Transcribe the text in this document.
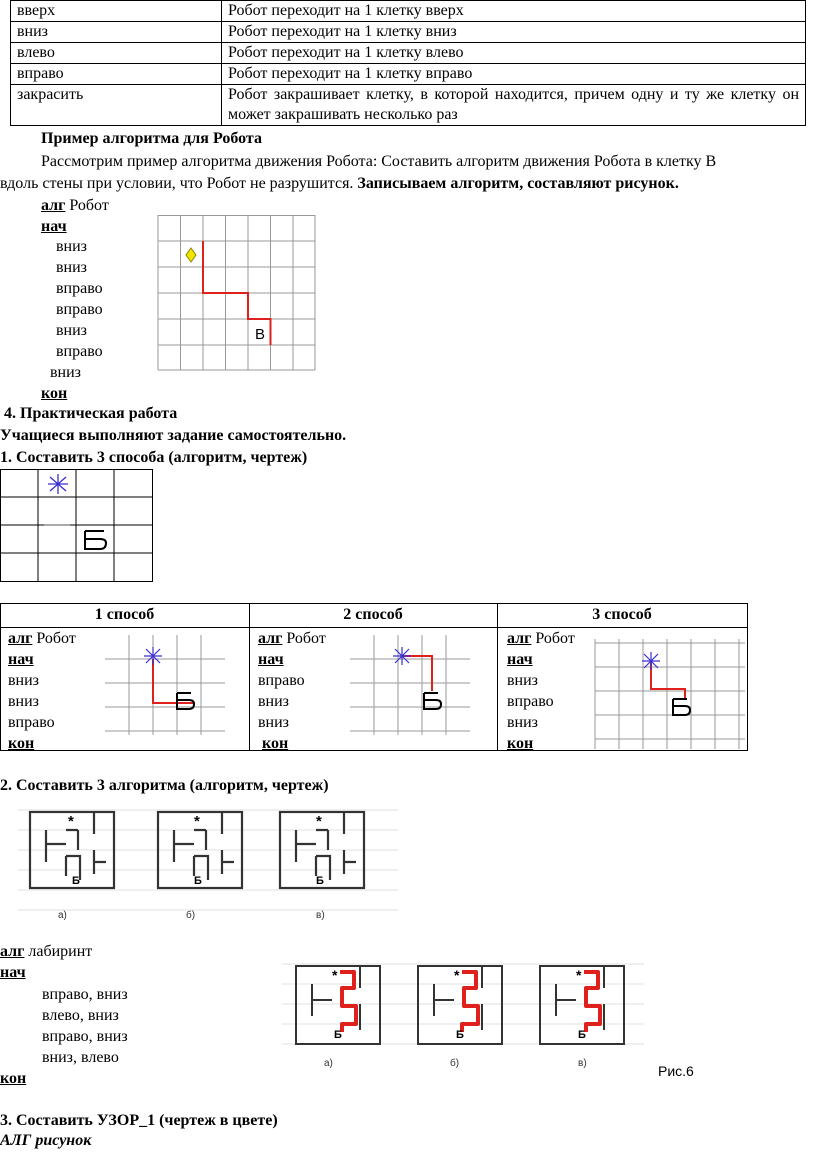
вверх	Робот переходит на 1 клетку вверх
вниз	Робот переходит на 1 клетку вниз
влево	Робот переходит на 1 клетку влево
вправо	Робот переходит на 1 клетку вправо
закрасить	Робот закрашивает клетку, в которой находится, причем одну и ту же клетку он может закрашивать несколько раз
Пример алгоритма для Робота
Рассмотрим пример алгоритма движения Робота: Составить алгоритм движения Робота в клетку В
вдоль стены при условии, что Робот не разрушится. Записываем алгоритм, составляют рисунок.
алг Робот
нач
вниз
вниз
вправо
вправо
вниз
вправо
вниз
кон
В
4. Практическая работа
Учащиеся выполняют задание самостоятельно.
1. Составить 3 способа (алгоритм, чертеж)
1 способ	2 способ	3 способ
алг Робот
нач
вниз
вниз
вправо
кон
алг Робот
нач
вправо
вниз
вниз
кон
алг Робот
нач
вниз
вправо
вниз
кон
2. Составить 3 алгоритма (алгоритм, чертеж)
*
Б
*
Б
*
Б
а)	б)	в)
алг лабиринт
нач
вправо, вниз
влево, вниз
вправо, вниз
вниз, влево
кон
*
Б
*
Б
*
Б
а)	б)	в)	Рис.6
3. Составить УЗОР_1 (чертеж в цвете)
АЛГ рисунок
